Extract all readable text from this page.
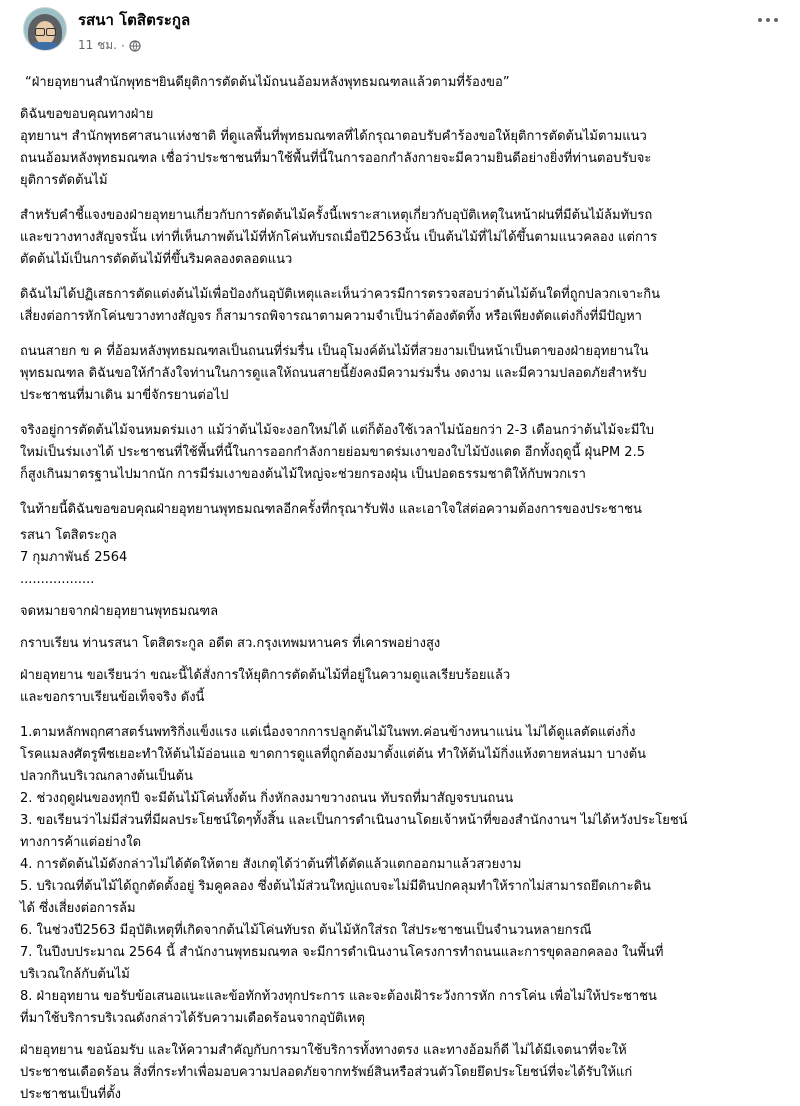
รสนา โตสิตระกูล
11 ชม. ·

“ฝ่ายอุทยานสำนักพุทธฯยินดียุติการตัดต้นไม้ถนนอ้อมหลังพุทธมณฑลแล้วตามที่ร้องขอ”

ดิฉันขอขอบคุณทางฝ่าย

อุทยานฯ สำนักพุทธศาสนาแห่งชาติ ที่ดูแลพื้นที่พุทธมณฑลที่ได้กรุณาตอบรับคำร้องขอให้ยุติการตัดต้นไม้ตามแนว

ถนนอ้อมหลังพุทธมณฑล เชื่อว่าประชาชนที่มาใช้พื้นที่นี้ในการออกกำลังกายจะมีความยินดีอย่างยิ่งที่ท่านตอบรับจะ

ยุติการตัดต้นไม้

สำหรับคำชี้แจงของฝ่ายอุทยานเกี่ยวกับการตัดต้นไม้ครั้งนี้เพราะสาเหตุเกี่ยวกับอุบัติเหตุในหน้าฝนที่มีต้นไม้ล้มทับรถ

และขวางทางสัญจรนั้น เท่าที่เห็นภาพต้นไม้ที่หักโค่นทับรถเมื่อปี2563นั้น เป็นต้นไม้ที่ไม่ได้ขึ้นตามแนวคลอง แต่การ

ตัดต้นไม้เป็นการตัดต้นไม้ที่ขึ้นริมคลองตลอดแนว

ดิฉันไม่ได้ปฏิเสธการตัดแต่งต้นไม้เพื่อป้องกันอุบัติเหตุและเห็นว่าควรมีการตรวจสอบว่าต้นไม้ต้นใดที่ถูกปลวกเจาะกิน

เสี่ยงต่อการหักโค่นขวางทางสัญจร ก็สามารถพิจารณาตามความจำเป็นว่าต้องตัดทิ้ง หรือเพียงตัดแต่งกิ่งที่มีปัญหา

ถนนสายก ข ค ที่อ้อมหลังพุทธมณฑลเป็นถนนที่ร่มรื่น เป็นอุโมงค์ต้นไม้ที่สวยงามเป็นหน้าเป็นตาของฝ่ายอุทยานใน

พุทธมณฑล ดิฉันขอให้กำลังใจท่านในการดูแลให้ถนนสายนี้ยังคงมีความร่มรื่น งดงาม และมีความปลอดภัยสำหรับ

ประชาชนที่มาเดิน มาขี่จักรยานต่อไป

จริงอยู่การตัดต้นไม้จนหมดร่มเงา แม้ว่าต้นไม้จะงอกใหม่ได้ แต่ก็ต้องใช้เวลาไม่น้อยกว่า 2-3 เดือนกว่าต้นไม้จะมีใบ

ใหม่เป็นร่มเงาได้ ประชาชนที่ใช้พื้นที่นี้ในการออกกำลังกายย่อมขาดร่มเงาของใบไม้บังแดด อีกทั้งฤดูนี้ ฝุ่นPM 2.5

ก็สูงเกินมาตรฐานไปมากนัก การมีร่มเงาของต้นไม้ใหญ่จะช่วยกรองฝุ่น เป็นปอดธรรมชาติให้กับพวกเรา

ในท้ายนี้ดิฉันขอขอบคุณฝ่ายอุทยานพุทธมณฑลอีกครั้งที่กรุณารับฟัง และเอาใจใส่ต่อความต้องการของประชาชน

รสนา โตสิตระกูล

7 กุมภาพันธ์ 2564

..................

จดหมายจากฝ่ายอุทยานพุทธมณฑล

กราบเรียน ท่านรสนา โตสิตระกูล อดีต สว.กรุงเทพมหานคร ที่เคารพอย่างสูง

ฝ่ายอุทยาน ขอเรียนว่า ขณะนี้ได้สั่งการให้ยุติการตัดต้นไม้ที่อยู่ในความดูแลเรียบร้อยแล้ว

และขอกราบเรียนข้อเท็จจริง ดังนี้

1.ตามหลักพฤกศาสตร์นพทริกิ่งแข็งแรง แต่เนื่องจากการปลูกต้นไม้ในพท.ค่อนข้างหนาแน่น ไม่ได้ดูแลตัดแต่งกิ่ง

โรคแมลงศัตรูพืชเยอะทำให้ต้นไม้อ่อนแอ ขาดการดูแลที่ถูกต้องมาตั้งแต่ต้น ทำให้ต้นไม้กิ่งแห้งตายหล่นมา บางต้น

ปลวกกินบริเวณกลางต้นเป็นต้น

2. ช่วงฤดูฝนของทุกปี จะมีต้นไม้โค่นทั้งต้น กิ่งหักลงมาขวางถนน ทับรถที่มาสัญจรบนถนน

3. ขอเรียนว่าไม่มีส่วนที่มีผลประโยชน์ใดๆทั้งสิ้น และเป็นการดำเนินงานโดยเจ้าหน้าที่ของสำนักงานฯ ไม่ได้หวังประโยชน์

ทางการค้าแต่อย่างใด

4. การตัดต้นไม้ดังกล่าวไม่ได้ตัดให้ตาย สังเกตุได้ว่าต้นที่ได้ตัดแล้วแตกออกมาแล้วสวยงาม

5. บริเวณที่ต้นไม้ได้ถูกตัดตั้งอยู่ ริมคูคลอง ซึ่งต้นไม้ส่วนใหญ่แถบจะไม่มีดินปกคลุมทำให้รากไม่สามารถยึดเกาะดิน

ได้ ซึ่งเสี่ยงต่อการล้ม

6. ในช่วงปี2563 มีอุบัติเหตุที่เกิดจากต้นไม้โค่นทับรถ ต้นไม้หักใส่รถ ใส่ประชาชนเป็นจำนวนหลายกรณี

7. ในปีงบประมาณ 2564 นี้ สำนักงานพุทธมณฑล จะมีการดำเนินงานโครงการทำถนนและการขุดลอกคลอง ในพื้นที่

บริเวณใกล้กับต้นไม้

8. ฝ่ายอุทยาน ขอรับข้อเสนอแนะและข้อทักท้วงทุกประการ และจะต้องเฝ้าระวังการหัก การโค่น เพื่อไม่ให้ประชาชน

ที่มาใช้บริการบริเวณดังกล่าวได้รับความเดือดร้อนจากอุบัติเหตุ

ฝ่ายอุทยาน ขอน้อมรับ และให้ความสำคัญกับการมาใช้บริการทั้งทางตรง และทางอ้อมก็ดี ไม่ได้มีเจตนาที่จะให้

ประชาชนเดือดร้อน สิ่งที่กระทำเพื่อมอบความปลอดภัยจากทรัพย์สินหรือส่วนตัวโดยยึดประโยชน์ที่จะได้รับให้แก่

ประชาชนเป็นที่ตั้ง
